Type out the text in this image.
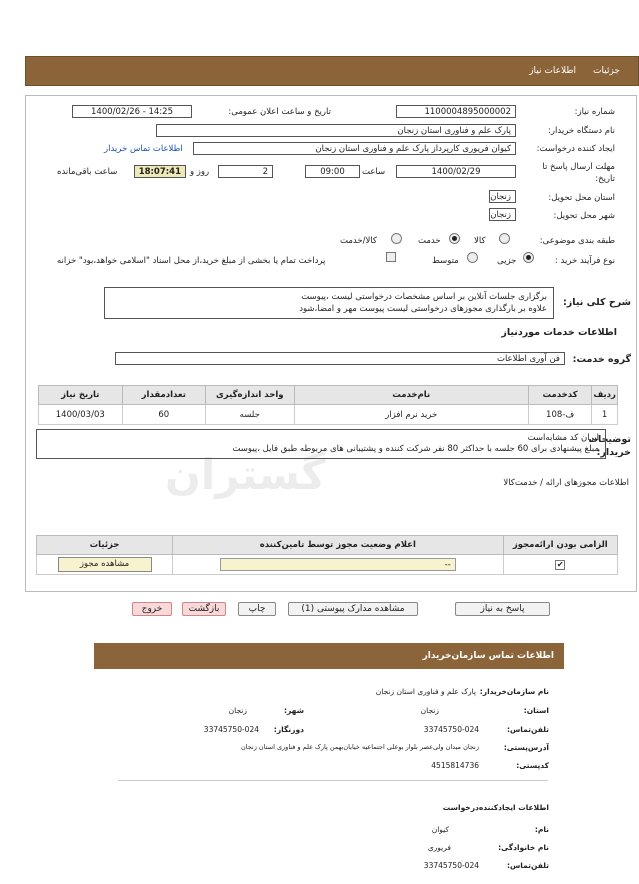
جزئیات
اطلاعات نیاز
گستران
شماره نیاز:
1100004895000002
تاریخ و ساعت اعلان عمومی:
1400/02/26 - 14:25
نام دستگاه خریدار:
پارک علم و فناوری استان زنجان
ایجاد کننده درخواست:
کیوان فریوری کارپرداز پارک علم و فناوری استان زنجان
اطلاعات تماس خریدار
مهلت ارسال پاسخ تا
تاریخ:
1400/02/29
ساعت
09:00
2
روز و
18:07:41
ساعت باقی‌مانده
استان محل تحویل:
زنجان
شهر محل تحویل:
زنجان
طبقه بندی موضوعی:
کالا
خدمت
کالا/خدمت
نوع فرآیند خرید :
جزیی
متوسط
پرداخت تمام یا بخشی از مبلغ خرید،از محل اسناد "اسلامی خواهد،بود" خزانه
شرح کلی نیاز:
برگزاری جلسات آنلاین بر اساس مشخصات درخواستی لیست ،پیوست
علاوه بر بارگذاری مجوزهای درخواستی لیست پیوست مهر و امضا،شود
اطلاعات خدمات موردنیاز
گروه خدمت:
فن آوری اطلاعات
ردیف	کدخدمت	نام‌خدمت	واحد اندازه‌گیری	تعداد‌مقدار	تاریخ نیاز
1	ف-108	خرید نرم افزار	جلسه	60	1400/03/03
توضیحات
خریدار:
ایران کد مشابه‌است
مبلغ پیشنهادی برای 60 جلسه با حداکثر 80 نفر شرکت کننده و پشتیبانی های مربوطه طبق فایل ،پیوست
اطلاعات مجوزهای ارائه / خدمت‌کالا
الزامی بودن ارائه‌مجوز	اعلام وضعیت مجوز توسط تامین‌کننده	جزئیات
✔	--	مشاهده مجوز
پاسخ به نیاز
مشاهده مدارک پیوستی (1)
چاپ
بازگشت
خروج
اطلاعات تماس سازمان‌خریدار
نام سازمان‌خریدار:
پارک علم و فناوری استان زنجان
استان:
زنجان
شهر:
زنجان
تلفن‌تماس:
33745750-024
دورنگار:
33745750-024
آدرس‌پستی:
زنجان میدان ولی‌عصر بلوار بوعلی اجتماعیه خیابان‌بهمن پارک علم و فناوری استان زنجان
کدپستی:
4515814736
اطلاعات ایجادکننده‌درخواست
نام:
کیوان
نام خانوادگی:
فریوری
تلفن‌تماس:
33745750-024
